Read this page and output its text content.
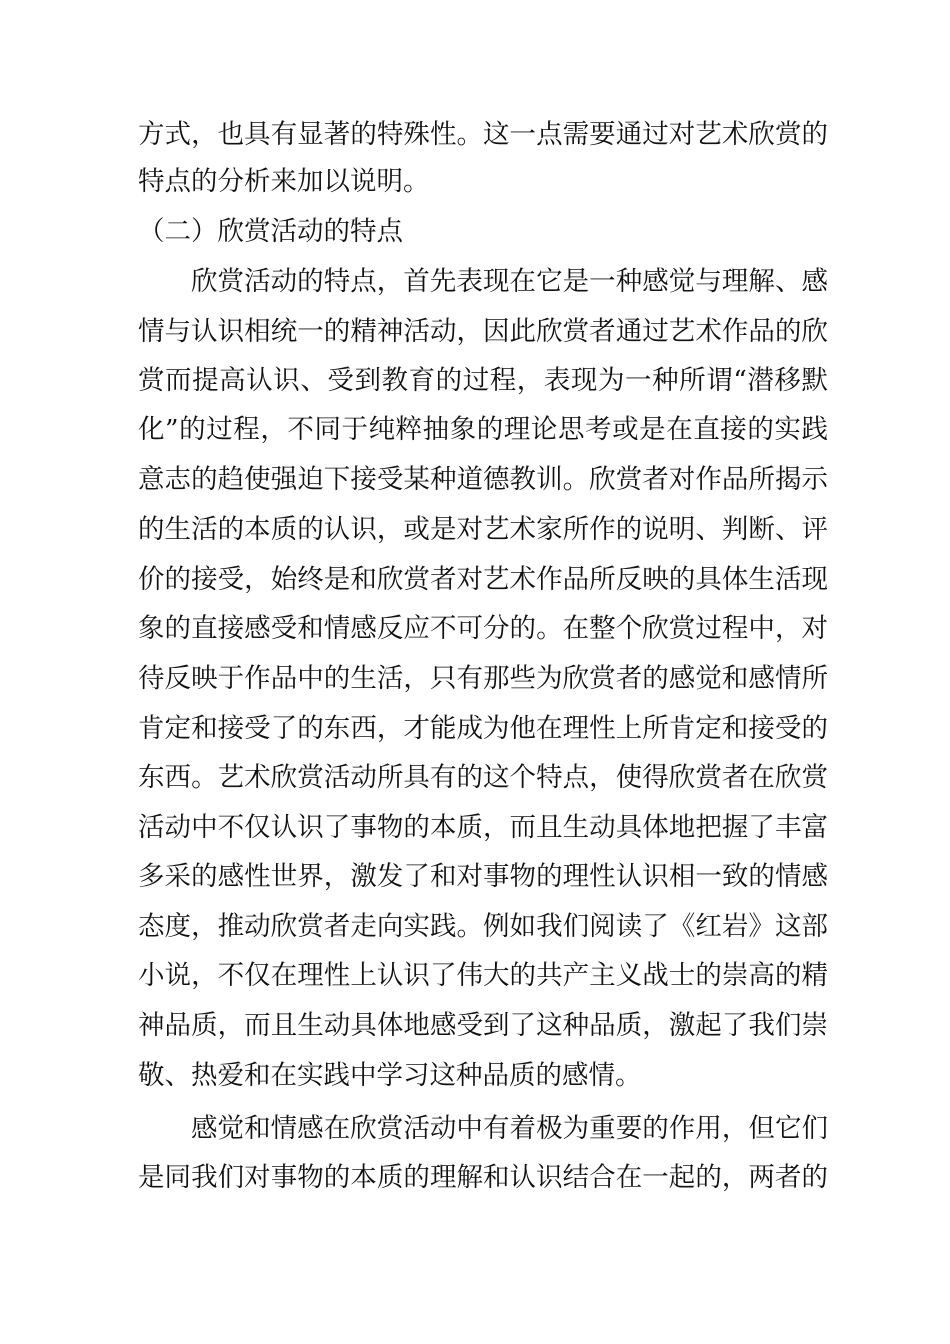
方式，也具有显著的特殊性。这一点需要通过对艺术欣赏的
特点的分析来加以说明。
（二）欣赏活动的特点
欣赏活动的特点，首先表现在它是一种感觉与理解、感
情与认识相统一的精神活动，因此欣赏者通过艺术作品的欣
赏而提高认识、受到教育的过程，表现为一种所谓“潜移默
化”的过程，不同于纯粹抽象的理论思考或是在直接的实践
意志的趋使强迫下接受某种道德教训。欣赏者对作品所揭示
的生活的本质的认识，或是对艺术家所作的说明、判断、评
价的接受，始终是和欣赏者对艺术作品所反映的具体生活现
象的直接感受和情感反应不可分的。在整个欣赏过程中，对
待反映于作品中的生活，只有那些为欣赏者的感觉和感情所
肯定和接受了的东西，才能成为他在理性上所肯定和接受的
东西。艺术欣赏活动所具有的这个特点，使得欣赏者在欣赏
活动中不仅认识了事物的本质，而且生动具体地把握了丰富
多采的感性世界，激发了和对事物的理性认识相一致的情感
态度，推动欣赏者走向实践。例如我们阅读了《红岩》这部
小说，不仅在理性上认识了伟大的共产主义战士的崇高的精
神品质，而且生动具体地感受到了这种品质，激起了我们崇
敬、热爱和在实践中学习这种品质的感情。
感觉和情感在欣赏活动中有着极为重要的作用，但它们
是同我们对事物的本质的理解和认识结合在一起的，两者的
